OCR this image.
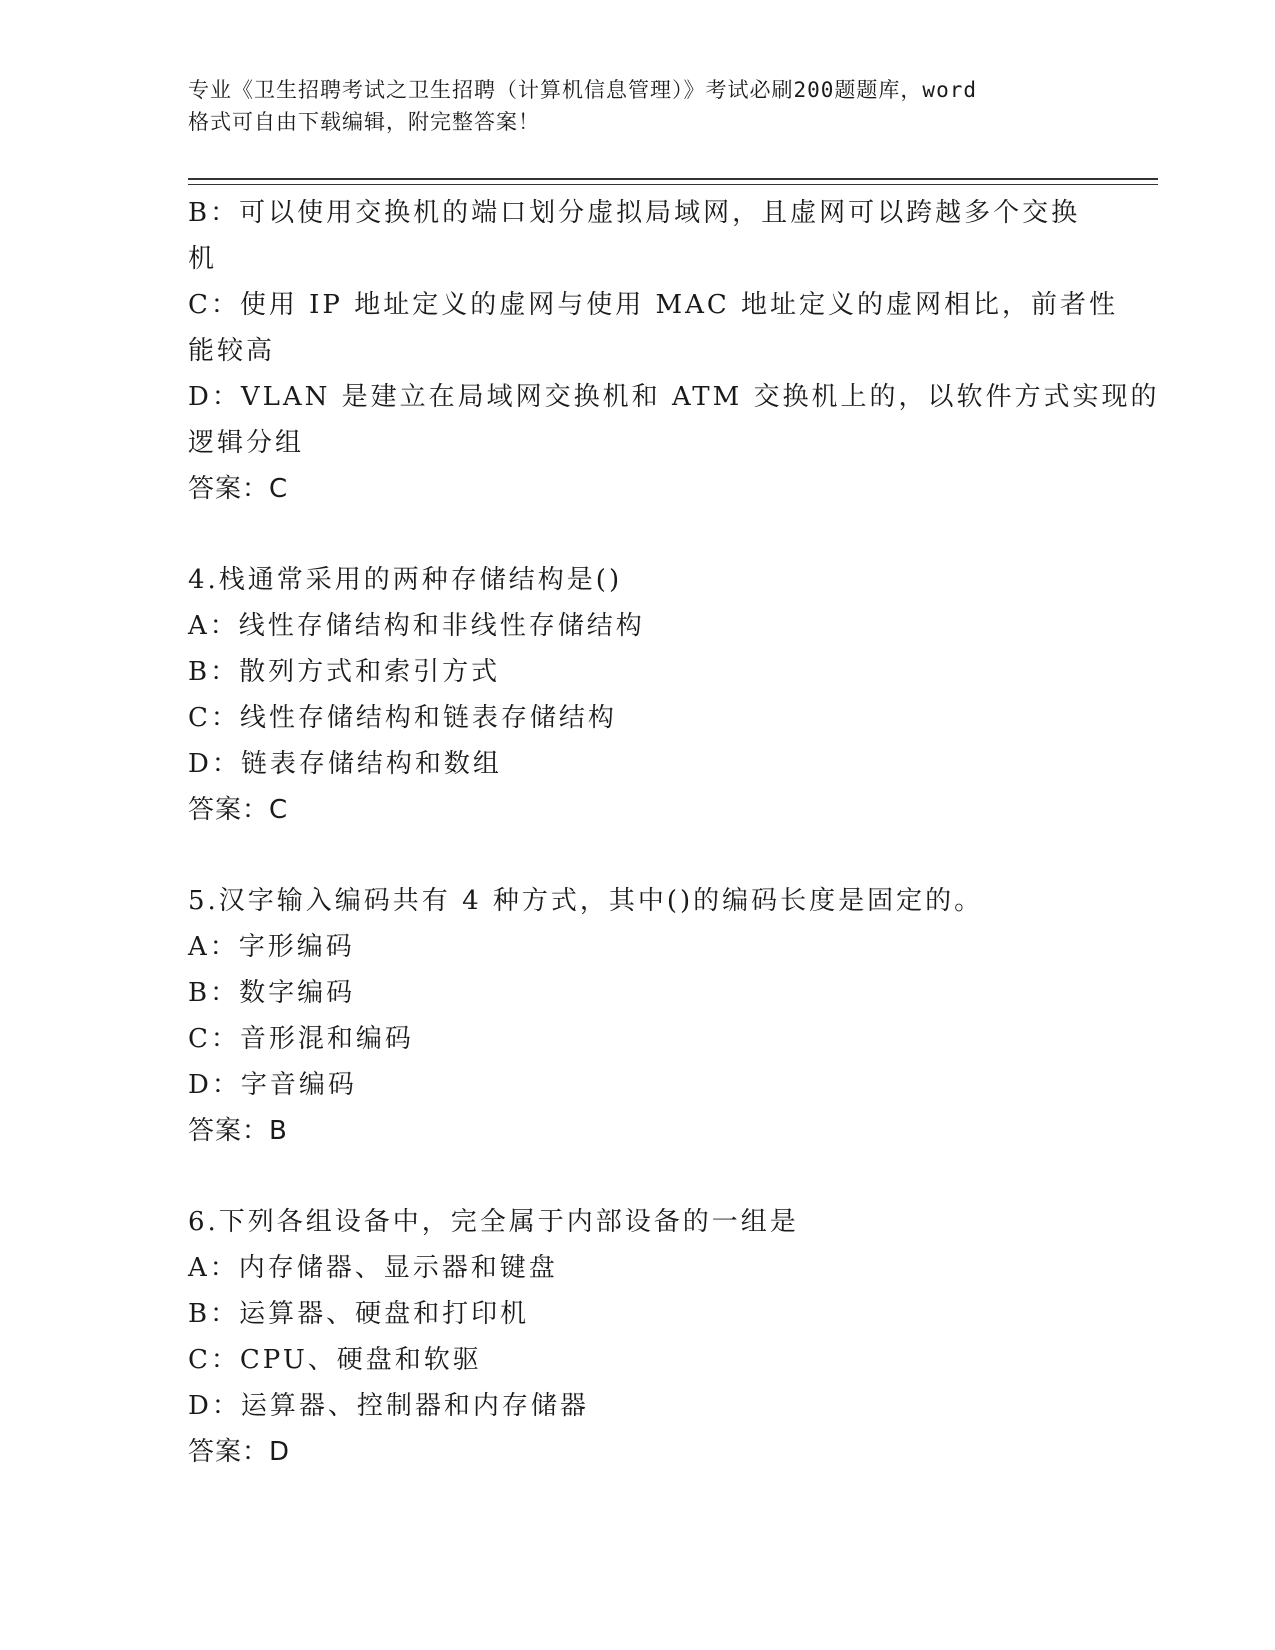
专业《卫生招聘考试之卫生招聘（计算机信息管理）》考试必刷200题题库，word
格式可自由下载编辑，附完整答案！
B：可以使用交换机的端口划分虚拟局域网，且虚网可以跨越多个交换
机
C：使用 IP 地址定义的虚网与使用 MAC 地址定义的虚网相比，前者性
能较高
D：VLAN 是建立在局域网交换机和 ATM 交换机上的，以软件方式实现的
逻辑分组
答案：C
4.栈通常采用的两种存储结构是()
A：线性存储结构和非线性存储结构
B：散列方式和索引方式
C：线性存储结构和链表存储结构
D：链表存储结构和数组
答案：C
5.汉字输入编码共有 4 种方式，其中()的编码长度是固定的。
A：字形编码
B：数字编码
C：音形混和编码
D：字音编码
答案：B
6.下列各组设备中，完全属于内部设备的一组是
A：内存储器、显示器和键盘
B：运算器、硬盘和打印机
C：CPU、硬盘和软驱
D：运算器、控制器和内存储器
答案：D
